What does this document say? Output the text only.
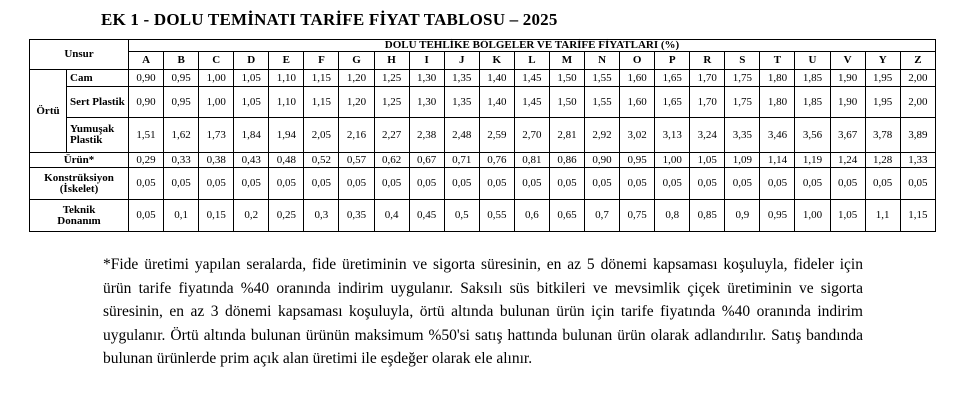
EK 1 - DOLU TEMİNATI TARİFE FİYAT TABLOSU – 2025
Unsur		DOLU TEHLİKE BÖLGELER VE TARİFE FİYATLARI (%)																						
		A	B	C	D	E	F	G	H	I	J	K	L	M	N	O	P	R	S	T	U	V	Y	Z
Örtü	Cam	0,90	0,95	1,00	1,05	1,10	1,15	1,20	1,25	1,30	1,35	1,40	1,45	1,50	1,55	1,60	1,65	1,70	1,75	1,80	1,85	1,90	1,95	2,00
	Sert Plastik	0,90	0,95	1,00	1,05	1,10	1,15	1,20	1,25	1,30	1,35	1,40	1,45	1,50	1,55	1,60	1,65	1,70	1,75	1,80	1,85	1,90	1,95	2,00
	Yumuşak Plastik	1,51	1,62	1,73	1,84	1,94	2,05	2,16	2,27	2,38	2,48	2,59	2,70	2,81	2,92	3,02	3,13	3,24	3,35	3,46	3,56	3,67	3,78	3,89
Ürün*		0,29	0,33	0,38	0,43	0,48	0,52	0,57	0,62	0,67	0,71	0,76	0,81	0,86	0,90	0,95	1,00	1,05	1,09	1,14	1,19	1,24	1,28	1,33
Konstrüksiyon (İskelet)		0,05	0,05	0,05	0,05	0,05	0,05	0,05	0,05	0,05	0,05	0,05	0,05	0,05	0,05	0,05	0,05	0,05	0,05	0,05	0,05	0,05	0,05	0,05
Teknik Donanım		0,05	0,1	0,15	0,2	0,25	0,3	0,35	0,4	0,45	0,5	0,55	0,6	0,65	0,7	0,75	0,8	0,85	0,9	0,95	1,00	1,05	1,1	1,15
*Fide üretimi yapılan seralarda, fide üretiminin ve sigorta süresinin, en az 5 dönemi kapsaması koşuluyla, fideler için ürün tarife fiyatında %40 oranında indirim uygulanır. Saksılı süs bitkileri ve mevsimlik çiçek üretiminin ve sigorta süresinin, en az 3 dönemi kapsaması koşuluyla, örtü altında bulunan ürün için tarife fiyatında %40 oranında indirim uygulanır. Örtü altında bulunan ürünün maksimum %50'si satış hattında bulunan ürün olarak adlandırılır. Satış bandında bulunan ürünlerde prim açık alan üretimi ile eşdeğer olarak ele alınır.
